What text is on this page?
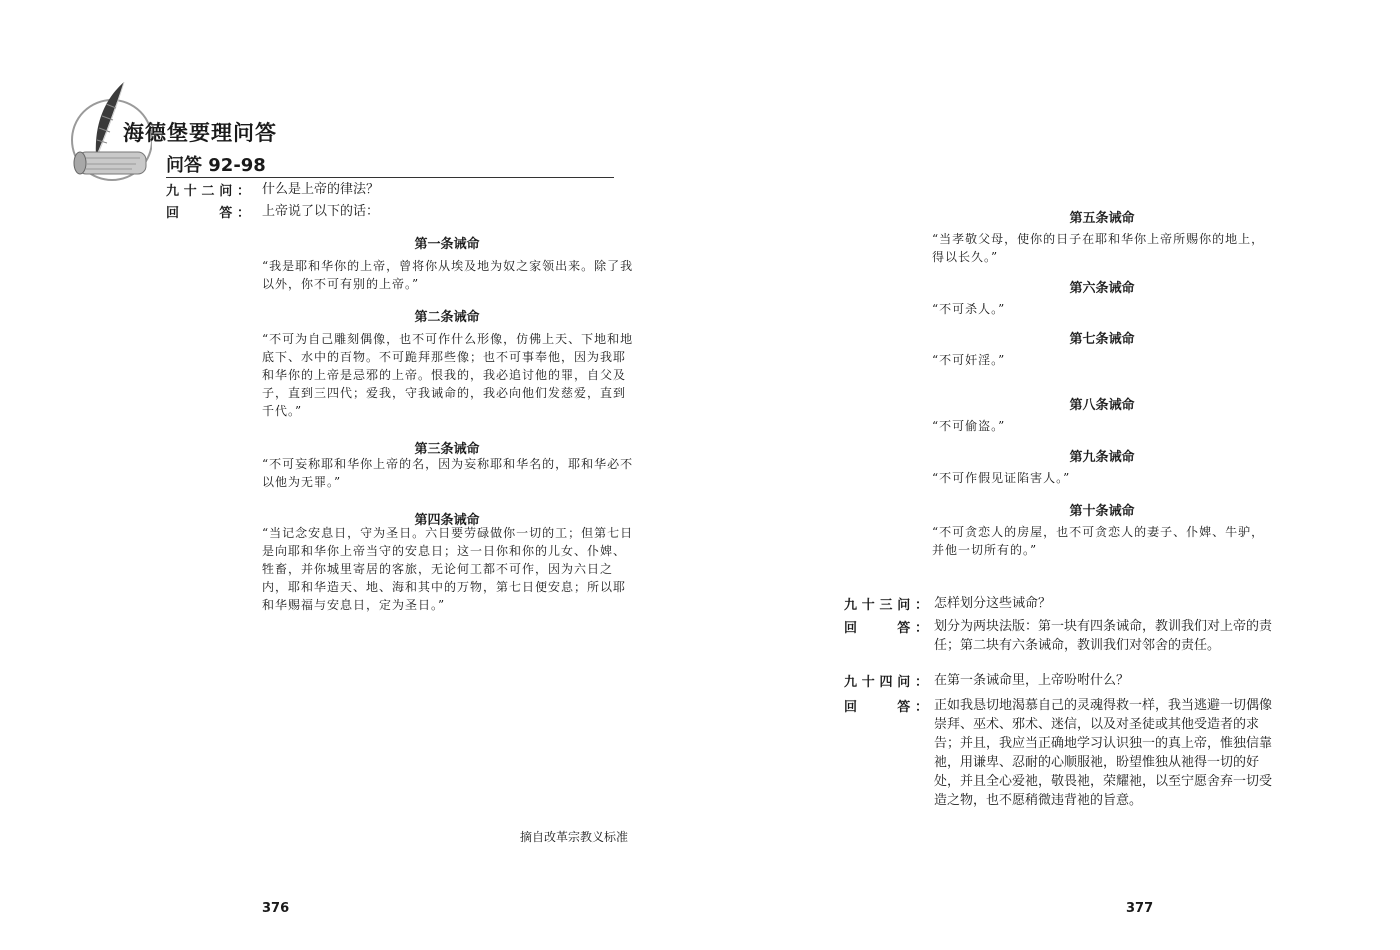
海德堡要理问答
问答 92-98
九十二问： 什么是上帝的律法？
回　　答： 上帝说了以下的话：
第一条诫命
“我是耶和华你的上帝，曾将你从埃及地为奴之家领出来。除了我以外，你不可有别的上帝。”
第二条诫命
“不可为自己雕刻偶像，也不可作什么形像，仿佛上天、下地和地底下、水中的百物。不可跪拜那些像；也不可事奉他，因为我耶和华你的上帝是忌邪的上帝。恨我的，我必追讨他的罪，自父及子，直到三四代；爱我，守我诫命的，我必向他们发慈爱，直到千代。”
第三条诫命
“不可妄称耶和华你上帝的名，因为妄称耶和华名的，耶和华必不以他为无罪。”
第四条诫命
“当记念安息日，守为圣日。六日要劳碌做你一切的工；但第七日是向耶和华你上帝当守的安息日；这一日你和你的儿女、仆婢、牲畜，并你城里寄居的客旅，无论何工都不可作，因为六日之内，耶和华造天、地、海和其中的万物，第七日便安息；所以耶和华赐福与安息日，定为圣日。”
摘自改革宗教义标准
376
第五条诫命
“当孝敬父母，使你的日子在耶和华你上帝所赐你的地上，得以长久。”
第六条诫命
“不可杀人。”
第七条诫命
“不可奸淫。”
第八条诫命
“不可偷盗。”
第九条诫命
“不可作假见证陷害人。”
第十条诫命
“不可贪恋人的房屋，也不可贪恋人的妻子、仆婢、牛驴，并他一切所有的。”
九十三问： 怎样划分这些诫命？
回　　答： 划分为两块法版：第一块有四条诫命，教训我们对上帝的责任；第二块有六条诫命，教训我们对邻舍的责任。
九十四问： 在第一条诫命里，上帝吩咐什么？
回　　答： 正如我恳切地渴慕自己的灵魂得救一样，我当逃避一切偶像崇拜、巫术、邪术、迷信，以及对圣徒或其他受造者的求告；并且，我应当正确地学习认识独一的真上帝，惟独信靠祂，用谦卑、忍耐的心顺服祂，盼望惟独从祂得一切的好处，并且全心爱祂，敬畏祂，荣耀祂，以至宁愿舍弃一切受造之物，也不愿稍微违背祂的旨意。
377
